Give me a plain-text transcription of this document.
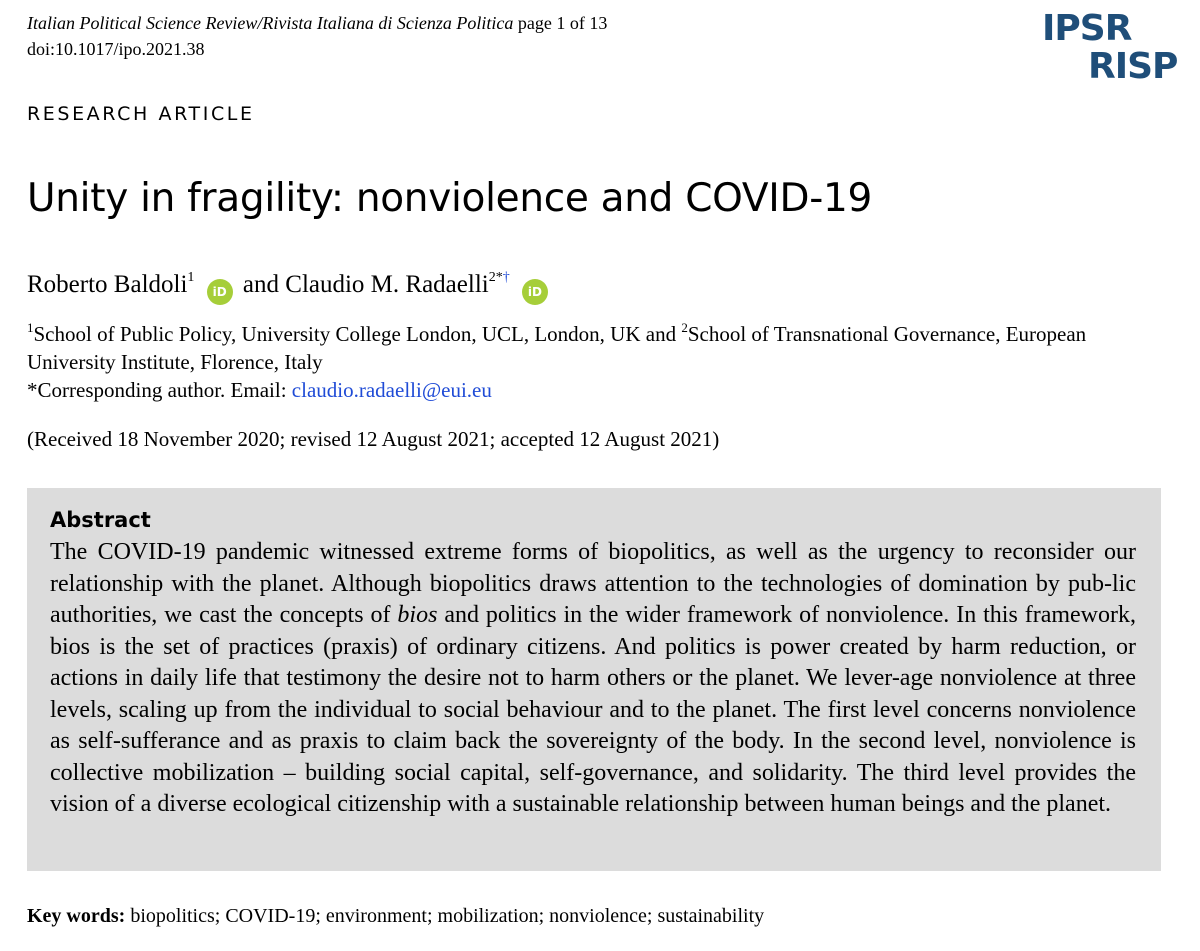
Italian Political Science Review/Rivista Italiana di Scienza Politica page 1 of 13
doi:10.1017/ipo.2021.38	IPSR
RISP
RESEARCH ARTICLE
Unity in fragility: nonviolence and COVID-19
Roberto Baldoli$^1$ iD and Claudio M. Radaelli$^{2*\dagger}$ iD
$^1$School of Public Policy, University College London, UCL, London, UK and $^2$School of Transnational Governance, European University Institute, Florence, Italy
*Corresponding author. Email: claudio.radaelli@eui.eu
(Received 18 November 2020; revised 12 August 2021; accepted 12 August 2021)
Abstract
The COVID-19 pandemic witnessed extreme forms of biopolitics, as well as the urgency to reconsider our relationship with the planet. Although biopolitics draws attention to the technologies of domination by pub-lic authorities, we cast the concepts of bios and politics in the wider framework of nonviolence. In this framework, bios is the set of practices (praxis) of ordinary citizens. And politics is power created by harm reduction, or actions in daily life that testimony the desire not to harm others or the planet. We lever-age nonviolence at three levels, scaling up from the individual to social behaviour and to the planet. The first level concerns nonviolence as self-sufferance and as praxis to claim back the sovereignty of the body. In the second level, nonviolence is collective mobilization – building social capital, self-governance, and solidarity. The third level provides the vision of a diverse ecological citizenship with a sustainable relationship between human beings and the planet.
Key words: biopolitics; COVID-19; environment; mobilization; nonviolence; sustainability
